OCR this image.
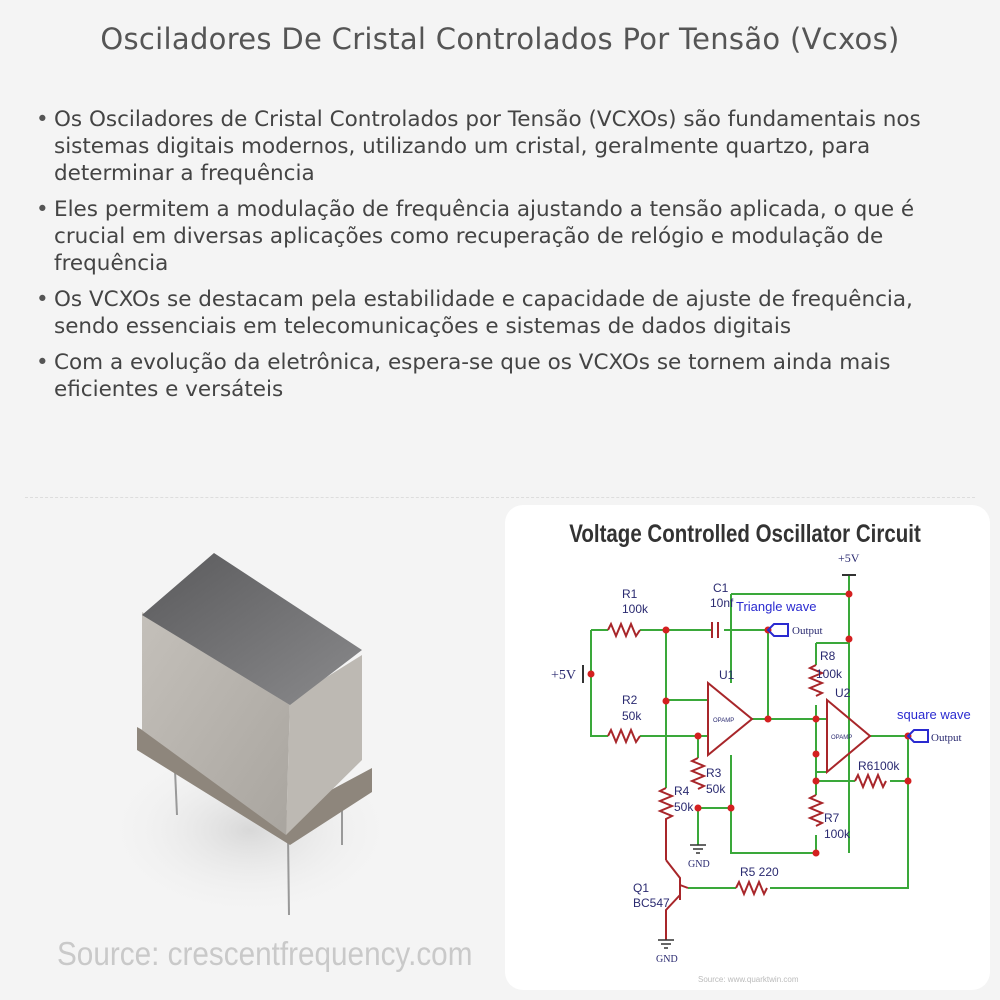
Osciladores De Cristal Controlados Por Tensão (Vcxos)
• Os Osciladores de Cristal Controlados por Tensão (VCXOs) são fundamentais nos sistemas digitais modernos, utilizando um cristal, geralmente quartzo, para determinar a frequência
• Eles permitem a modulação de frequência ajustando a tensão aplicada, o que é crucial em diversas aplicações como recuperação de relógio e modulação de frequência
• Os VCXOs se destacam pela estabilidade e capacidade de ajuste de frequência, sendo essenciais em telecomunicações e sistemas de dados digitais
• Com a evolução da eletrônica, espera-se que os VCXOs se tornem ainda mais eficientes e versáteis
Source: crescentfrequency.com
Voltage Controlled Oscillator Circuit
+5V
+5V
R1
100k
C1
10nf Triangle wave
Output
U1
U2
OPAMP
OPAMP
R8
100k
R2
50k	square wave
Output
R3
50k
R4
50k
R6100k
R7
100k
GND
R5 220
Q1
BC547
GND
Source: www.quarktwin.com
